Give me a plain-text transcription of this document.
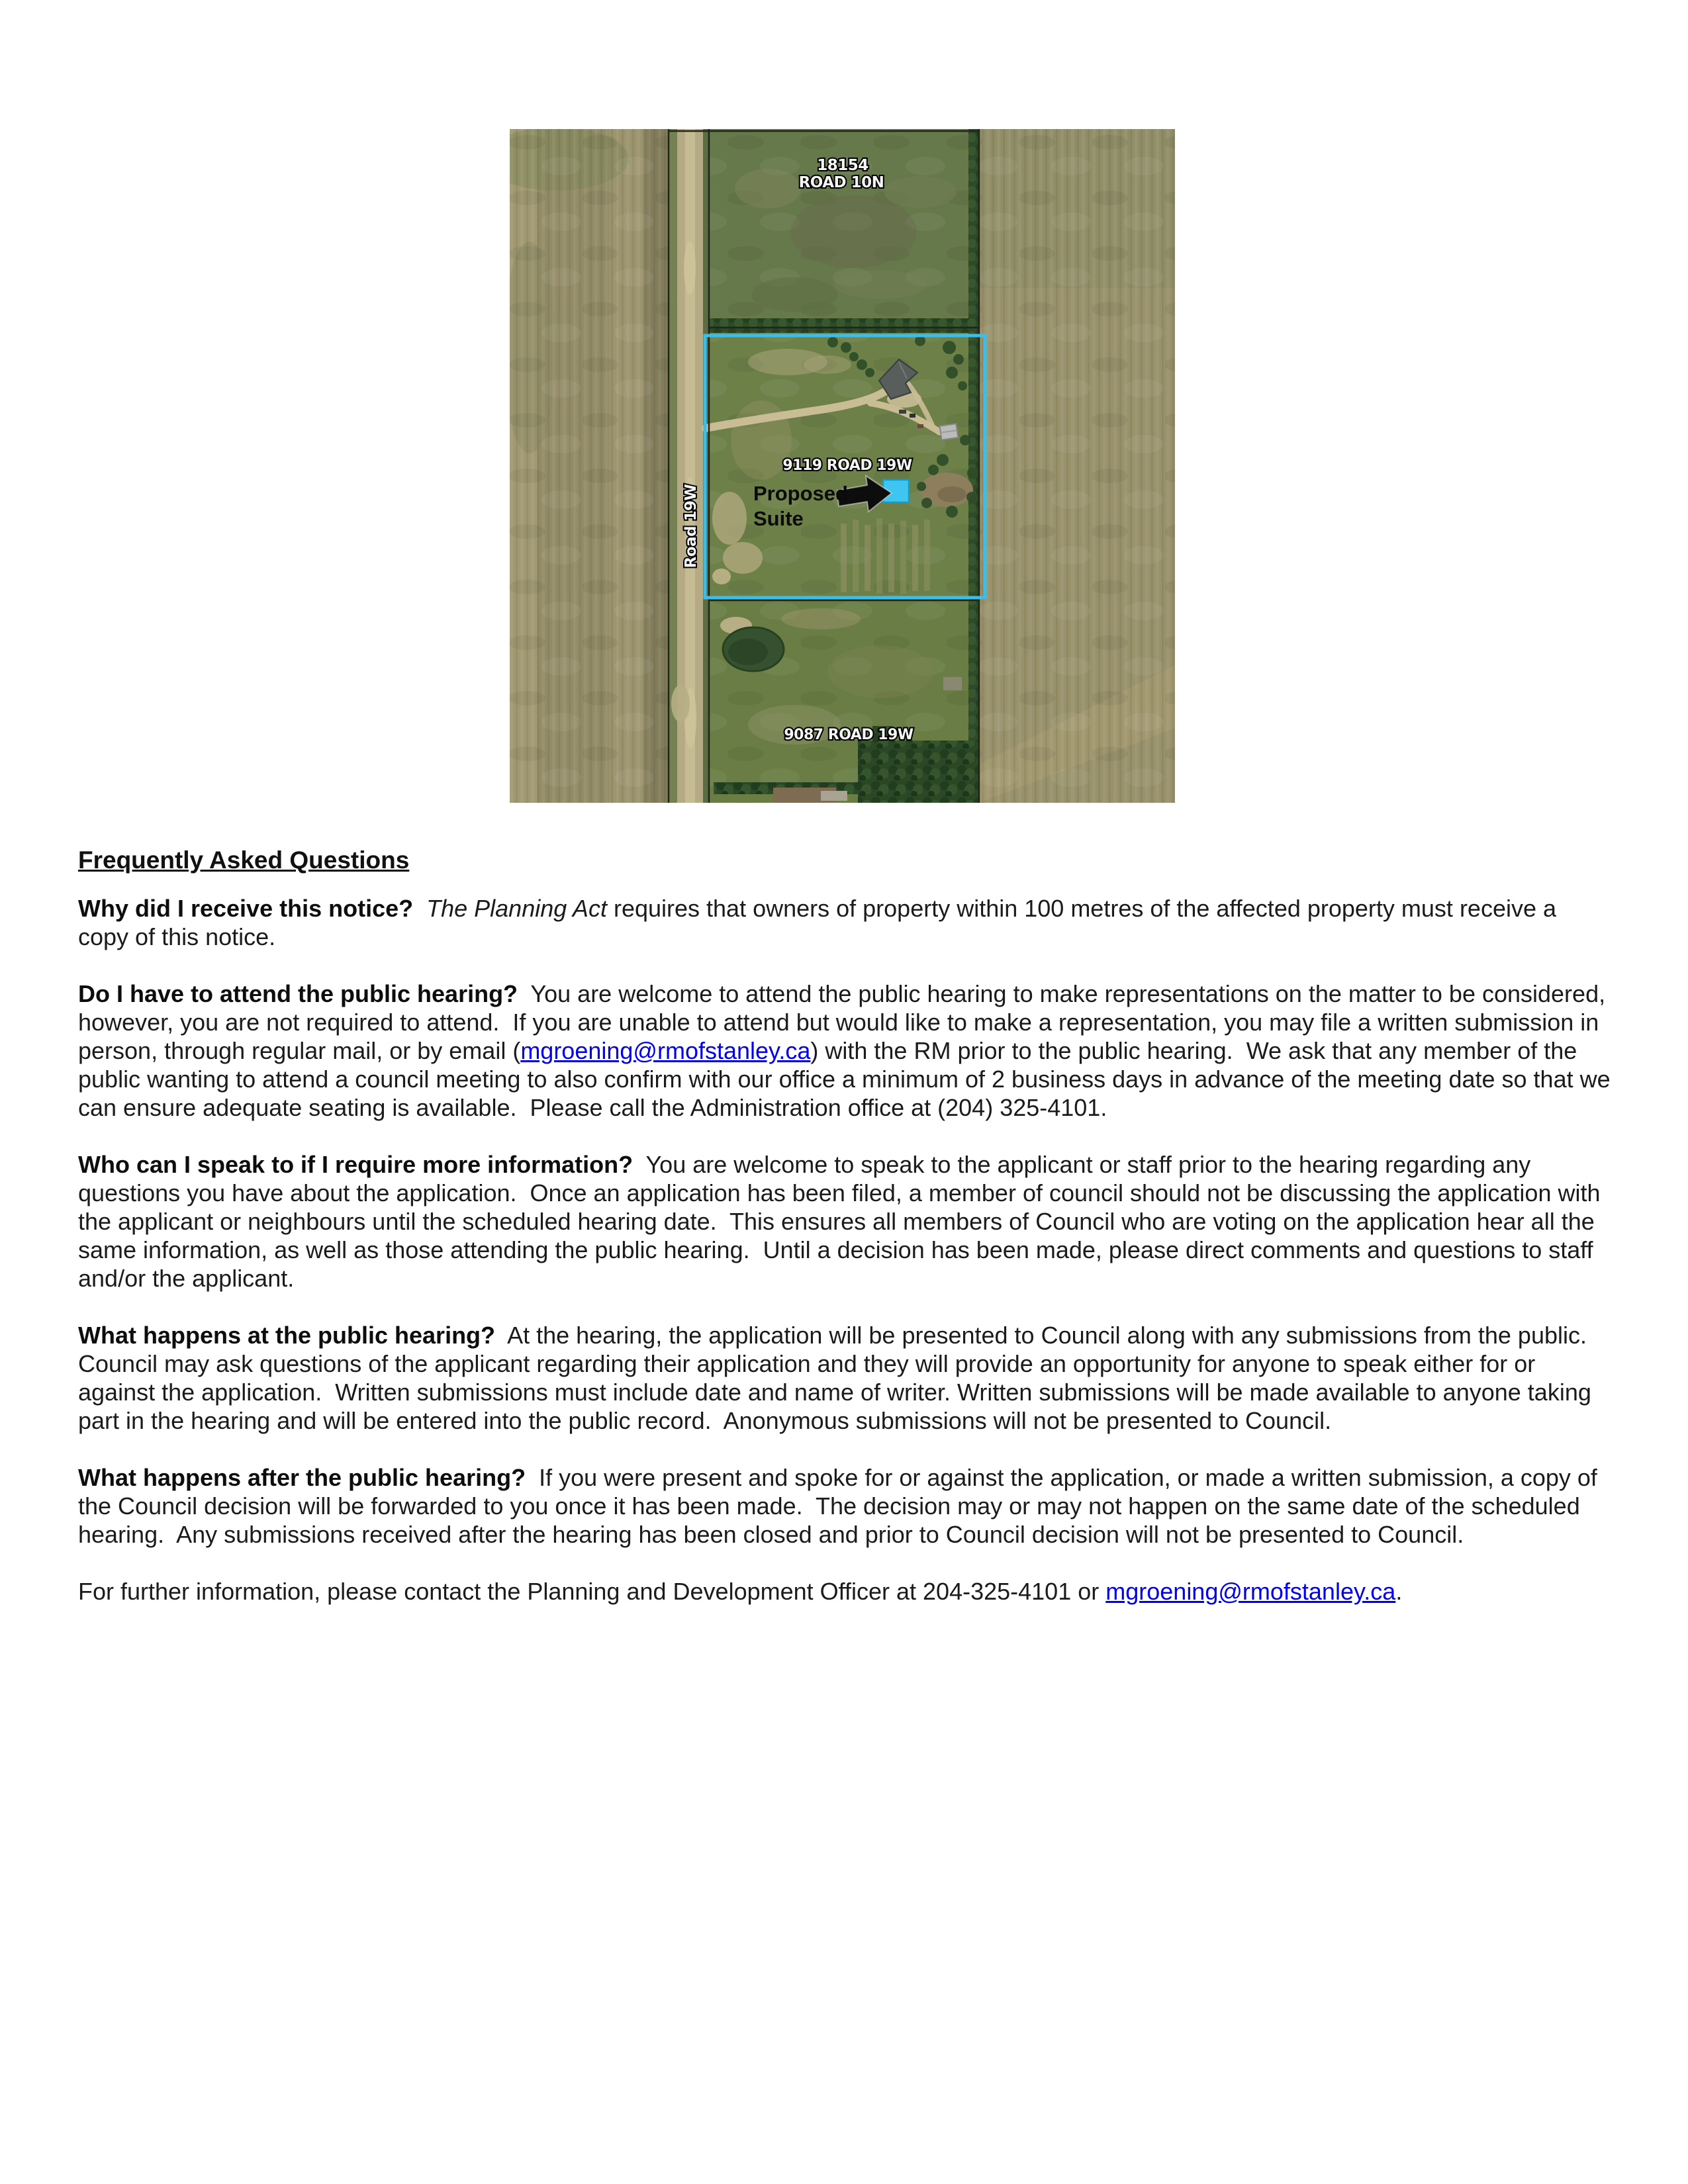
18154
ROAD 10N
Road 19W
9119 ROAD 19W
9087 ROAD 19W
Proposed
Suite
Frequently Asked Questions

Why did I receive this notice?  The Planning Act requires that owners of property within 100 metres of the affected property must receive a copy of this notice.

Do I have to attend the public hearing?  You are welcome to attend the public hearing to make representations on the matter to be considered, however, you are not required to attend.  If you are unable to attend but would like to make a representation, you may file a written submission in person, through regular mail, or by email (mgroening@rmofstanley.ca) with the RM prior to the public hearing.  We ask that any member of the public wanting to attend a council meeting to also confirm with our office a minimum of 2 business days in advance of the meeting date so that we can ensure adequate seating is available.  Please call the Administration office at (204) 325-4101.

Who can I speak to if I require more information?  You are welcome to speak to the applicant or staff prior to the hearing regarding any questions you have about the application.  Once an application has been filed, a member of council should not be discussing the application with the applicant or neighbours until the scheduled hearing date.  This ensures all members of Council who are voting on the application hear all the same information, as well as those attending the public hearing.  Until a decision has been made, please direct comments and questions to staff and/or the applicant.

What happens at the public hearing?  At the hearing, the application will be presented to Council along with any submissions from the public.  Council may ask questions of the applicant regarding their application and they will provide an opportunity for anyone to speak either for or against the application.  Written submissions must include date and name of writer. Written submissions will be made available to anyone taking part in the hearing and will be entered into the public record.  Anonymous submissions will not be presented to Council.

What happens after the public hearing?  If you were present and spoke for or against the application, or made a written submission, a copy of the Council decision will be forwarded to you once it has been made.  The decision may or may not happen on the same date of the scheduled hearing.  Any submissions received after the hearing has been closed and prior to Council decision will not be presented to Council.

For further information, please contact the Planning and Development Officer at 204-325-4101 or mgroening@rmofstanley.ca.
